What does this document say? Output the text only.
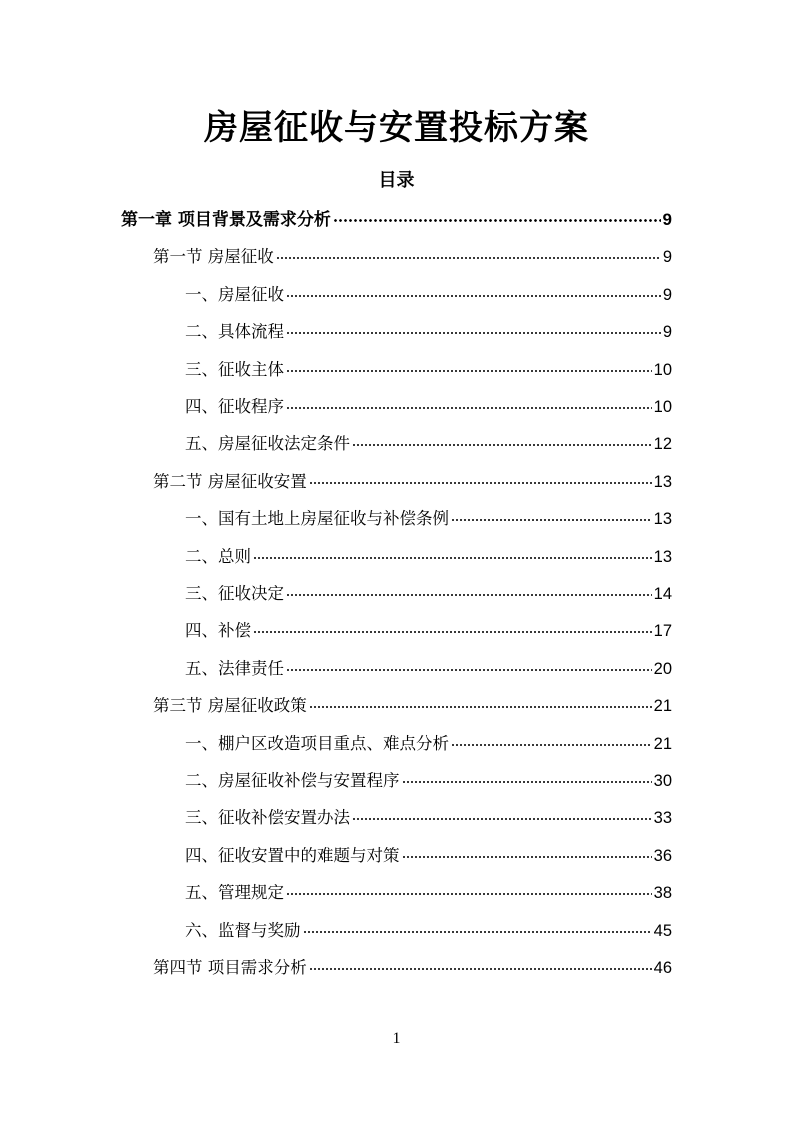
房屋征收与安置投标方案
目录
第一章 项目背景及需求分析	9
第一节 房屋征收	9
一、房屋征收	9
二、具体流程	9
三、征收主体	10
四、征收程序	10
五、房屋征收法定条件	12
第二节 房屋征收安置	13
一、国有土地上房屋征收与补偿条例	13
二、总则	13
三、征收决定	14
四、补偿	17
五、法律责任	20
第三节 房屋征收政策	21
一、棚户区改造项目重点、难点分析	21
二、房屋征收补偿与安置程序	30
三、征收补偿安置办法	33
四、征收安置中的难题与对策	36
五、管理规定	38
六、监督与奖励	45
第四节 项目需求分析	46
1
